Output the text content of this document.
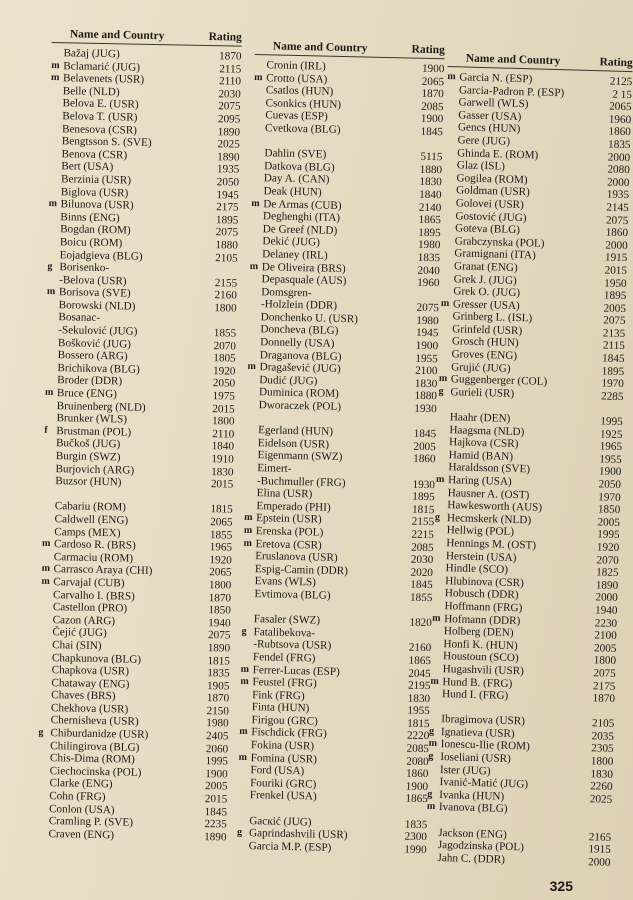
Name and Country	Rating
Bažaj (JUG)	1870
m Bclamarić (JUG)	2115
m Belavenets (USR)	2110
Belle (NLD)	2030
Belova E. (USR)	2075
Belova T. (USR)	2095
Benesova (CSR)	1890
Bengtsson S. (SVE)	2025
Benova (CSR)	1890
Bert (USA)	1935
Berzinia (USR)	2050
Biglova (USR)	1945
m Bilunova (USR)	2175
Binns (ENG)	1895
Bogdan (ROM)	2075
Boicu (ROM)	1880
Eojadgieva (BLG)	2105
g Borisenko-
-Belova (USR)	2155
m Borisova (SVE)	2160
Borowski (NLD)	1800
Bosanac-
-Sekulović (JUG)	1855
Bošković (JUG)	2070
Bossero (ARG)	1805
Brichikova (BLG)	1920
Broder (DDR)	2050
m Bruce (ENG)	1975
Bruinenberg (NLD)	2015
Brunker (WLS)	1800
f Brustman (POL)	2110
Bučkoš (JUG)	1840
Burgin (SWZ)	1910
Burjovich (ARG)	1830
Buzsor (HUN)	2015
Cabariu (ROM)	1815
Caldwell (ENG)	2065
Camps (MEX)	1855
m Cardoso R. (BRS)	1965
Carmaciu (ROM)	1920
m Carrasco Araya (CHI)	2065
m Carvajal (CUB)	1800
Carvalho I. (BRS)	1870
Castellon (PRO)	1850
Cazon (ARG)	1940
Čejić (JUG)	2075
Chai (SIN)	1890
Chapkunova (BLG)	1815
Chapkova (USR)	1835
Chataway (ENG)	1905
Chaves (BRS)	1870
Chekhova (USR)	2150
Chernisheva (USR)	1980
g Chiburdanidze (USR)	2405
Chilingirova (BLG)	2060
Chis-Dima (ROM)	1995
Ciechocinska (POL)	1900
Clarke (ENG)	2005
Cohn (FRG)	2015
Conlon (USA)	1845
Cramling P. (SVE)	2235
Craven (ENG)	1890
Name and Country	Rating
Cronin (IRL)	1900
m Crotto (USA)	2065
Csatlos (HUN)	1870
Csonkics (HUN)	2085
Cuevas (ESP)	1900
Cvetkova (BLG)	1845
Dahlin (SVE)	5115
Datkova (BLG)	1880
Day A. (CAN)	1830
Deak (HUN)	1840
m De Armas (CUB)	2140
Deghenghi (ITA)	1865
De Greef (NLD)	1895
Dekić (JUG)	1980
Delaney (IRL)	1835
m De Oliveira (BRS)	2040
Depasquale (AUS)	1960
Domsgren-
-Holzlein (DDR)	2075
Donchenko U. (USR)	1980
Doncheva (BLG)	1945
Donnelly (USA)	1900
Draganova (BLG)	1955
m Dragašević (JUG)	2100
Dudić (JUG)	1830
Duminica (ROM)	1880
Dworaczek (POL)	1930
Egerland (HUN)	1845
Eidelson (USR)	2005
Eigenmann (SWZ)	1860
Eimert-
-Buchmuller (FRG)	1930
Elina (USR)	1895
Emperado (PHI)	1815
m Epstein (USR)	2155
m Erenska (POL)	2215
m Eretova (CSR)	2085
Eruslanova (USR)	2030
Espig-Camin (DDR)	2020
Evans (WLS)	1845
Evtimova (BLG)	1855
Fasaler (SWZ)	1820
g Fatalibekova-
-Rubtsova (USR)	2160
Fendel (FRG)	1865
m Ferrer-Lucas (ESP)	2045
m Feustel (FRG)	2195
Fink (FRG)	1830
Finta (HUN)	1955
Firigou (GRC)	1815
m Fischdick (FRG)	2220
Fokina (USR)	2085
m Fomina (USR)	2080
Ford (USA)	1860
Fouriki (GRC)	1900
Frenkel (USA)	1865
Gacкić (JUG)	1835
g Gaprindashvili (USR)	2300
Garcia M.P. (ESP)	1990
Name and Country	Rating
m Garcia N. (ESP)	2125
Garcia-Padron P. (ESP)	2 15
Garwell (WLS)	2065
Gasser (USA)	1960
Gencs (HUN)	1860
Gere (JUG)	1835
Ghinda E. (ROM)	2000
Glaz (ISL)	2080
Gogilea (ROM)	2000
Goldman (USR)	1935
Golovei (USR)	2145
Gostović (JUG)	2075
Goteva (BLG)	1860
Grabczynska (POL)	2000
Gramignani (ITA)	1915
Granat (ENG)	2015
Grek J. (JUG)	1950
Grek O. (JUG)	1895
m Gresser (USA)	2005
Grinberg L. (ISL)	2075
Grinfeld (USR)	2135
Grosch (HUN)	2115
Groves (ENG)	1845
Grujić (JUG)	1895
m Guggenberger (COL)	1970
g Gurieli (USR)	2285
Haahr (DEN)	1995
Haagsma (NLD)	1925
Hajkova (CSR)	1965
Hamid (BAN)	1955
Haraldsson (SVE)	1900
m Haring (USA)	2050
Hausner A. (OST)	1970
Hawkesworth (AUS)	1850
g Hecmskerk (NLD)	2005
Hellwig (POL)	1995
Hennings M. (OST)	1920
Herstein (USA)	2070
Hindle (SCO)	1825
Hlubinova (CSR)	1890
Hobusch (DDR)	2000
Hoffmann (FRG)	1940
m Hofmann (DDR)	2230
Holberg (DEN)	2100
Honfi K. (HUN)	2005
Houstoun (SCO)	1800
Hugashvili (USR)	2075
m Hund B. (FRG)	2175
Hund I. (FRG)	1870
Ibragimova (USR)	2105
g Ignatieva (USR)	2035
m Ionescu-Ilie (ROM)	2305
g Ioseliani (USR)	1800
Ister (JUG)	1830
Ivanić-Matić (JUG)	2260
g Ivanka (HUN)	2025
m Ivanova (BLG)
Jackson (ENG)	2165
Jagodzinska (POL)	1915
Jahn C. (DDR)	2000
325
